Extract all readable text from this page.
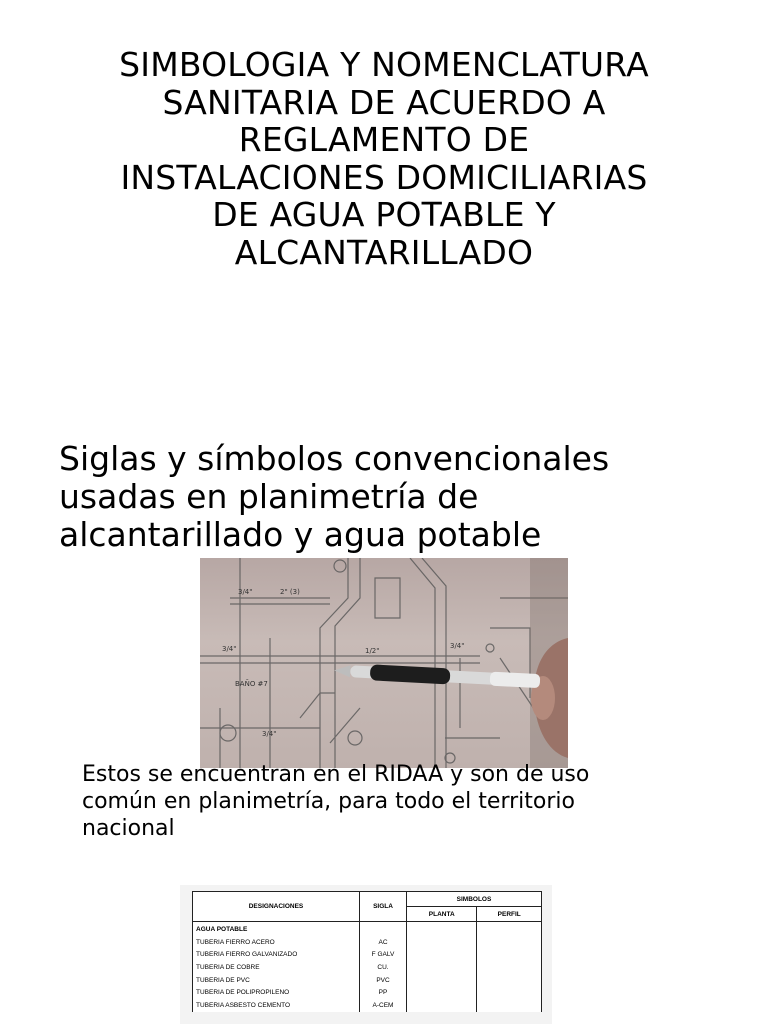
SIMBOLOGIA Y NOMENCLATURA
SANITARIA DE ACUERDO A
REGLAMENTO DE
INSTALACIONES DOMICILIARIAS
DE AGUA POTABLE Y
ALCANTARILLADO
Siglas y símbolos convencionales
usadas en planimetría de
alcantarillado y agua potable
BAÑO #7
2" (3)
3/4"
3/4"	1/2"
3/4"
3/4"
Estos se encuentran en el RIDAA y son de uso
común en planimetría, para todo el territorio
nacional
DESIGNACIONES	SIGLA	SIMBOLOS	
		PLANTA	PERFIL
AGUA POTABLE			
TUBERIA FIERRO ACERO	AC		
TUBERIA FIERRO GALVANIZADO	F GALV		
TUBERIA DE COBRE	CU.		
TUBERIA DE PVC	PVC		
TUBERIA DE POLIPROPILENO	PP		
TUBERIA ASBESTO CEMENTO	A-CEM		
